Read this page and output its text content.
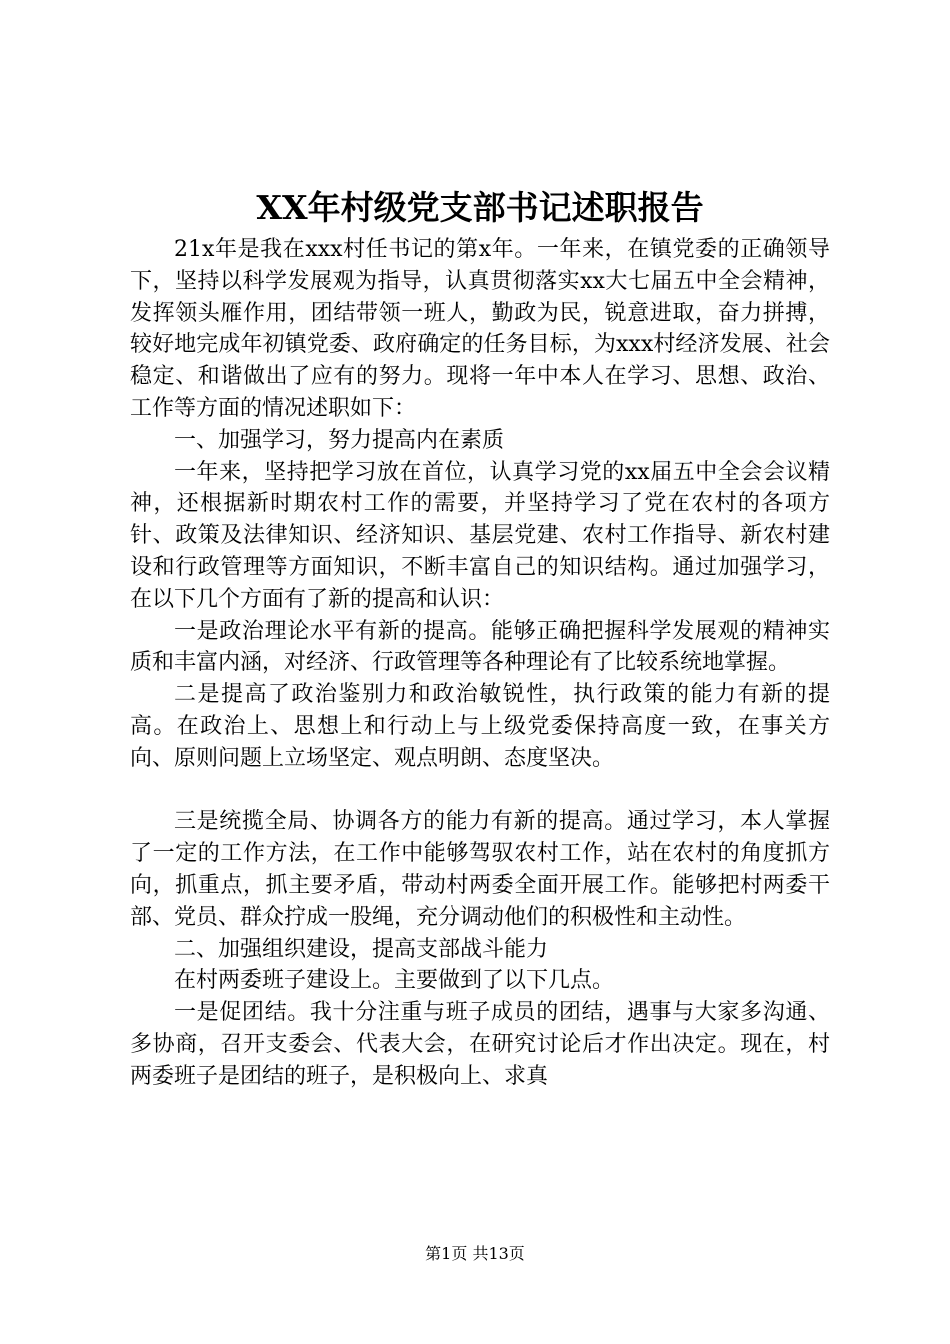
XX年村级党支部书记述职报告

21x年是我在xxx村任书记的第x年。一年来，在镇党委的正确领导下，坚持以科学发展观为指导，认真贯彻落实xx大七届五中全会精神，发挥领头雁作用，团结带领一班人，勤政为民，锐意进取，奋力拼搏，较好地完成年初镇党委、政府确定的任务目标，为xxx村经济发展、社会稳定、和谐做出了应有的努力。现将一年中本人在学习、思想、政治、工作等方面的情况述职如下：

一、加强学习，努力提高内在素质

一年来，坚持把学习放在首位，认真学习党的xx届五中全会会议精神，还根据新时期农村工作的需要，并坚持学习了党在农村的各项方针、政策及法律知识、经济知识、基层党建、农村工作指导、新农村建设和行政管理等方面知识，不断丰富自己的知识结构。通过加强学习，在以下几个方面有了新的提高和认识：

一是政治理论水平有新的提高。能够正确把握科学发展观的精神实质和丰富内涵，对经济、行政管理等各种理论有了比较系统地掌握。

二是提高了政治鉴别力和政治敏锐性，执行政策的能力有新的提高。在政治上、思想上和行动上与上级党委保持高度一致，在事关方向、原则问题上立场坚定、观点明朗、态度坚决。

三是统揽全局、协调各方的能力有新的提高。通过学习，本人掌握了一定的工作方法，在工作中能够驾驭农村工作，站在农村的角度抓方向，抓重点，抓主要矛盾，带动村两委全面开展工作。能够把村两委干部、党员、群众拧成一股绳，充分调动他们的积极性和主动性。

二、加强组织建设，提高支部战斗能力

在村两委班子建设上。主要做到了以下几点。

一是促团结。我十分注重与班子成员的团结，遇事与大家多沟通、多协商，召开支委会、代表大会，在研究讨论后才作出决定。现在，村两委班子是团结的班子，是积极向上、求真

第1页 共13页
